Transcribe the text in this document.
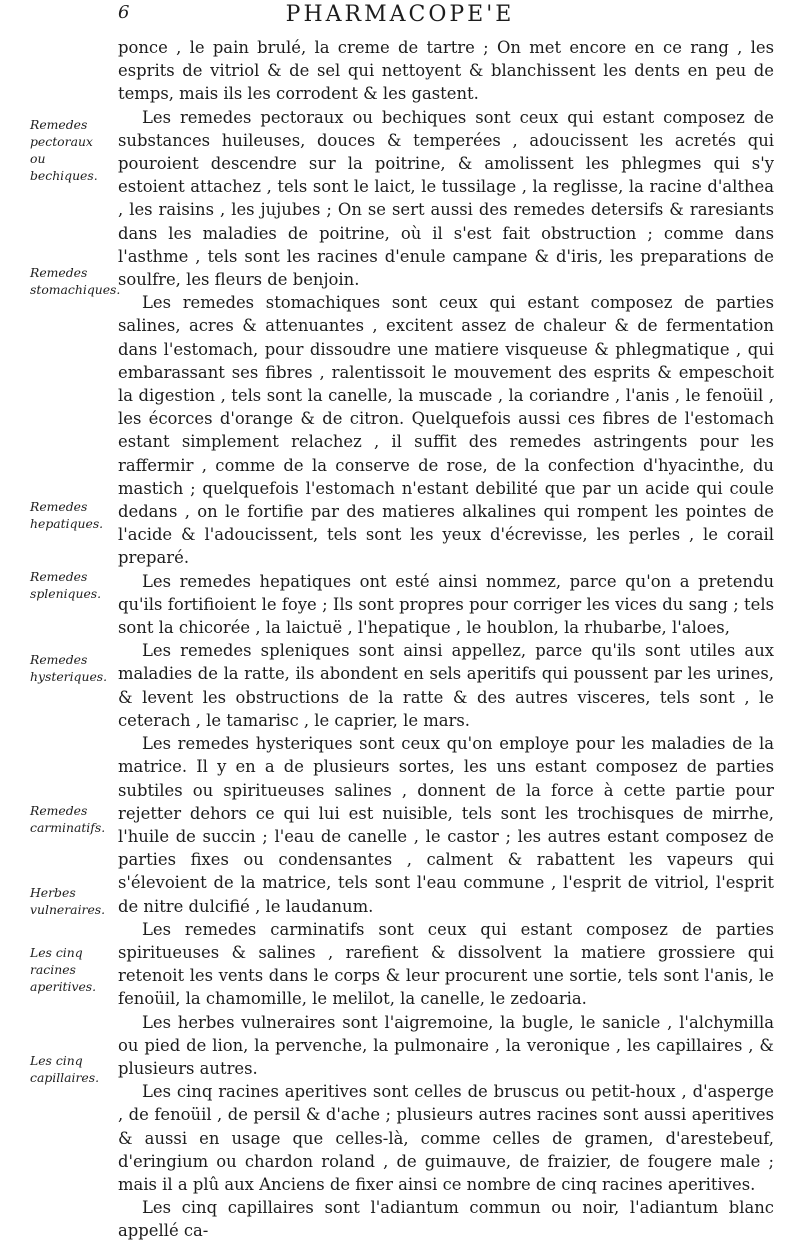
6	PHARMACOPE'E

ponce , le pain brulé, la creme de tartre ; On met encore en ce rang , les esprits de vitriol & de sel qui nettoyent & blanchissent les dents en peu de temps, mais ils les corrodent & les gastent.

Les remedes pectoraux ou bechiques sont ceux qui estant composez de substances huileuses, douces & temperées , adoucissent les acretés qui pouroient descendre sur la poitrine, & amolissent les phlegmes qui s'y estoient attachez , tels sont le laict, le tussilage , la reglisse, la racine d'althea , les raisins , les jujubes ; On se sert aussi des remedes detersifs & raresiants dans les maladies de poitrine, où il s'est fait obstruction ; comme dans l'asthme , tels sont les racines d'enule campane & d'iris, les preparations de soulfre, les fleurs de benjoin.

Les remedes stomachiques sont ceux qui estant composez de parties salines, acres & attenuantes , excitent assez de chaleur & de fermentation dans l'estomach, pour dissoudre une matiere visqueuse & phlegmatique , qui embarassant ses fibres , ralentissoit le mouvement des esprits & empeschoit la digestion , tels sont la canelle, la muscade , la coriandre , l'anis , le fenoüil , les écorces d'orange & de citron. Quelquefois aussi ces fibres de l'estomach estant simplement relachez , il suffit des remedes astringents pour les raffermir , comme de la conserve de rose, de la confection d'hyacinthe, du mastich ; quelquefois l'estomach n'estant debilité que par un acide qui coule dedans , on le fortifie par des matieres alkalines qui rompent les pointes de l'acide & l'adoucissent, tels sont les yeux d'écrevisse, les perles , le corail preparé.

Les remedes hepatiques ont esté ainsi nommez, parce qu'on a pretendu qu'ils fortifioient le foye ; Ils sont propres pour corriger les vices du sang ; tels sont la chicorée , la laictuë , l'hepatique , le houblon, la rhubarbe, l'aloes,

Les remedes spleniques sont ainsi appellez, parce qu'ils sont utiles aux maladies de la ratte, ils abondent en sels aperitifs qui poussent par les urines, & levent les obstructions de la ratte & des autres visceres, tels sont , le ceterach , le tamarisc , le caprier, le mars.

Les remedes hysteriques sont ceux qu'on employe pour les maladies de la matrice. Il y en a de plusieurs sortes, les uns estant composez de parties subtiles ou spiritueuses salines , donnent de la force à cette partie pour rejetter dehors ce qui lui est nuisible, tels sont les trochisques de mirrhe, l'huile de succin ; l'eau de canelle , le castor ; les autres estant composez de parties fixes ou condensantes , calment & rabattent les vapeurs qui s'élevoient de la matrice, tels sont l'eau commune , l'esprit de vitriol, l'esprit de nitre dulcifié , le laudanum.

Les remedes carminatifs sont ceux qui estant composez de parties spiritueuses & salines , rarefient & dissolvent la matiere grossiere qui retenoit les vents dans le corps & leur procurent une sortie, tels sont l'anis, le fenoüil, la chamomille, le melilot, la canelle, le zedoaria.

Les herbes vulneraires sont l'aigremoine, la bugle, le sanicle , l'alchymilla ou pied de lion, la pervenche, la pulmonaire , la veronique , les capillaires , & plusieurs autres.

Les cinq racines aperitives sont celles de bruscus ou petit-houx , d'asperge , de fenoüil , de persil & d'ache ; plusieurs autres racines sont aussi aperitives & aussi en usage que celles-là, comme celles de gramen, d'arestebeuf, d'eringium ou chardon roland , de guimauve, de fraizier, de fougere male ; mais il a plû aux Anciens de fixer ainsi ce nombre de cinq racines aperitives.

Les cinq capillaires sont l'adiantum commun ou noir, l'adiantum blanc appellé ca-

Remedes pectoraux ou bechiques.
Remedes stomachiques.
Remedes hepatiques.
Remedes spleniques.
Remedes hysteriques.
Remedes carminatifs.
Herbes vulneraires.
Les cinq racines aperitives.
Les cinq capillaires.
